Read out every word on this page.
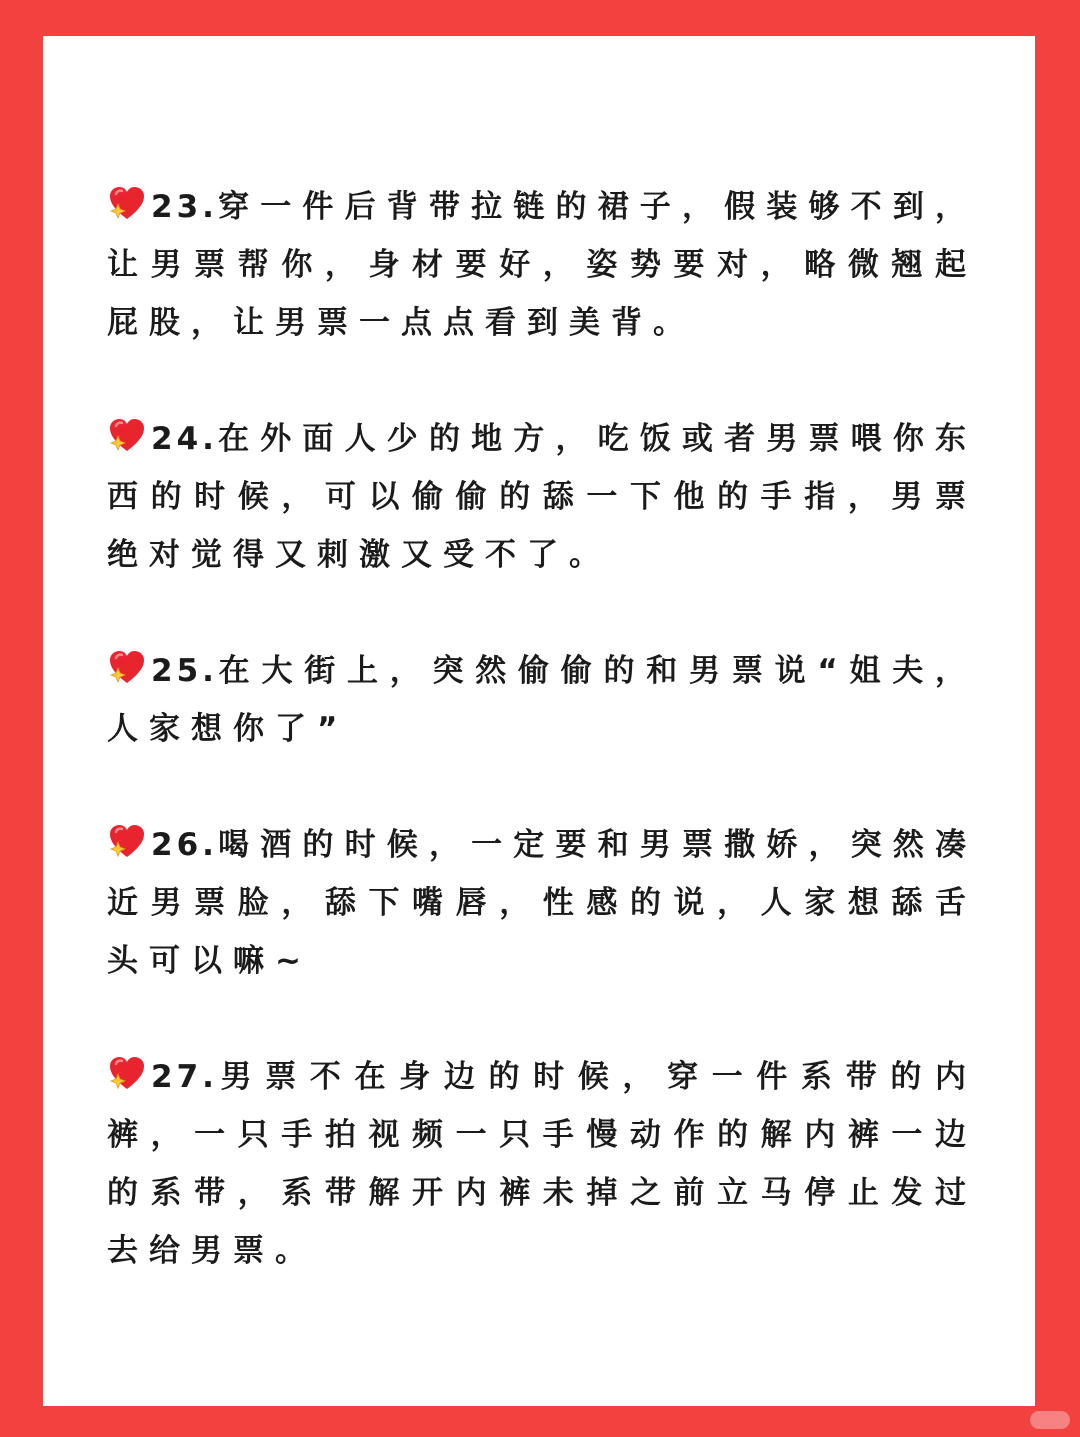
23.穿一件后背带拉链的裙子，假装够不到，让男票帮你，身材要好，姿势要对，略微翘起屁股，让男票一点点看到美背。

24.在外面人少的地方，吃饭或者男票喂你东西的时候，可以偷偷的舔一下他的手指，男票绝对觉得又刺激又受不了。

25.在大街上，突然偷偷的和男票说“姐夫，人家想你了”

26.喝酒的时候，一定要和男票撒娇，突然凑近男票脸，舔下嘴唇，性感的说，人家想舔舌头可以嘛~

27.男票不在身边的时候，穿一件系带的内裤，一只手拍视频一只手慢动作的解内裤一边的系带，系带解开内裤未掉之前立马停止发过去给男票。
